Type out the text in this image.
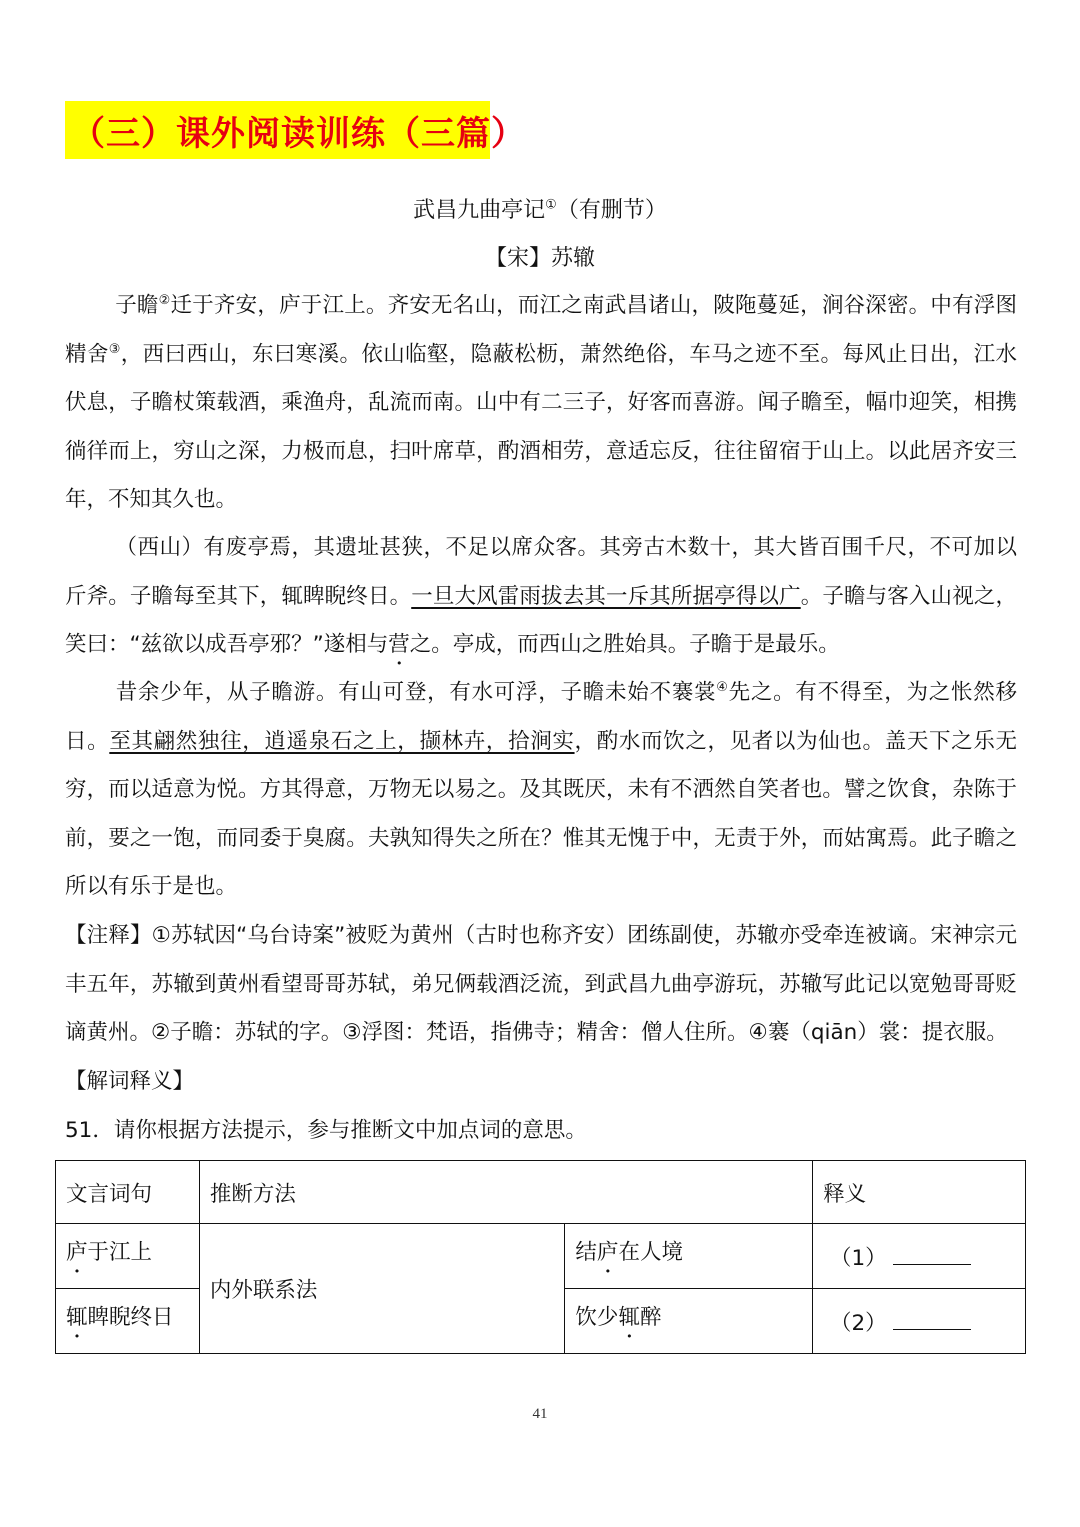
（三）课外阅读训练（三篇）
武昌九曲亭记①（有删节）
【宋】苏辙

子瞻②迁于齐安，庐于江上。齐安无名山，而江之南武昌诸山，陂陁蔓延，涧谷深密。中有浮图精舍③，西曰西山，东曰寒溪。依山临壑，隐蔽松枥，萧然绝俗，车马之迹不至。每风止日出，江水伏息，子瞻杖策载酒，乘渔舟，乱流而南。山中有二三子，好客而喜游。闻子瞻至，幅巾迎笑，相携徜徉而上，穷山之深，力极而息，扫叶席草，酌酒相劳，意适忘反，往往留宿于山上。以此居齐安三年，不知其久也。

（西山）有废亭焉，其遗址甚狭，不足以席众客。其旁古木数十，其大皆百围千尺，不可加以斤斧。子瞻每至其下，辄睥睨终日。一旦大风雷雨拔去其一斥其所据亭得以广。子瞻与客入山视之，笑曰：“兹欲以成吾亭邪？”遂相与营之。亭成，而西山之胜始具。子瞻于是最乐。

昔余少年，从子瞻游。有山可登，有水可浮，子瞻未始不褰裳④先之。有不得至，为之怅然移日。至其翩然独往，逍遥泉石之上，撷林卉，拾涧实，酌水而饮之，见者以为仙也。盖天下之乐无穷，而以适意为悦。方其得意，万物无以易之。及其既厌，未有不洒然自笑者也。譬之饮食，杂陈于前，要之一饱，而同委于臭腐。夫孰知得失之所在？惟其无愧于中，无责于外，而姑寓焉。此子瞻之所以有乐于是也。

【注释】①苏轼因“乌台诗案”被贬为黄州（古时也称齐安）团练副使，苏辙亦受牵连被谪。宋神宗元丰五年，苏辙到黄州看望哥哥苏轼，弟兄俩载酒泛流，到武昌九曲亭游玩，苏辙写此记以宽勉哥哥贬谪黄州。②子瞻：苏轼的字。③浮图：梵语，指佛寺；精舍：僧人住所。④褰（qiān）裳：提衣服。

【解词释义】
51．请你根据方法提示，参与推断文中加点词的意思。
文言词句	推断方法		释义
庐于江上	内外联系法	结庐在人境	（1）
辄睥睨终日		饮少辄醉	（2）
41
